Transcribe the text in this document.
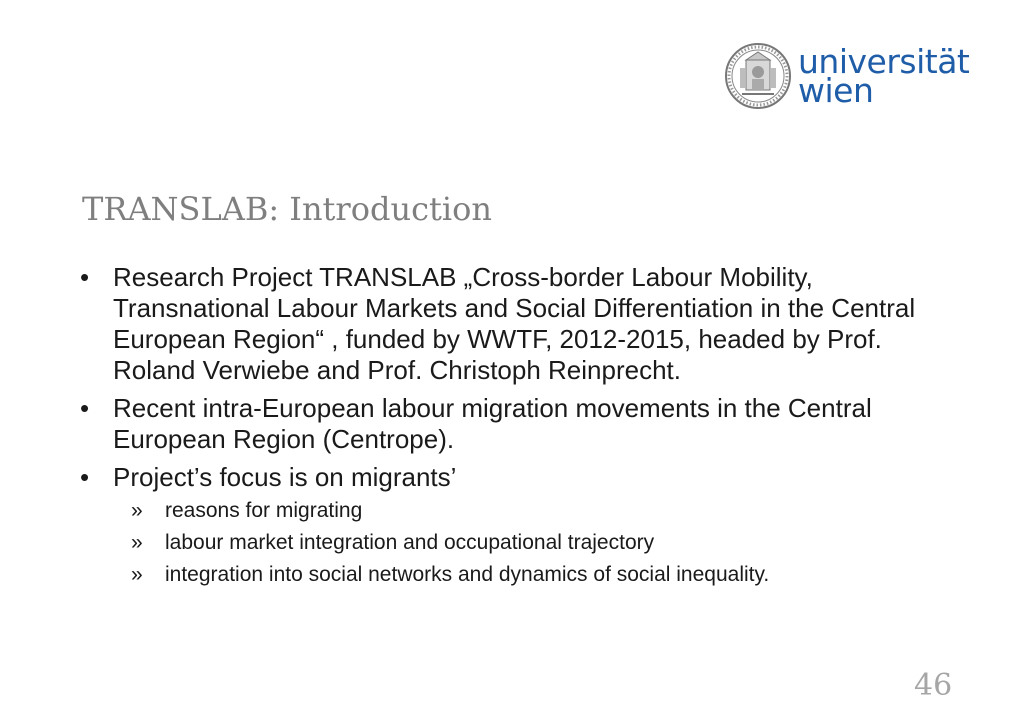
universität
wien
TRANSLAB: Introduction
• Research Project TRANSLAB „Cross-border Labour Mobility, Transnational Labour Markets and Social Differentiation in the Central European Region“ , funded by WWTF, 2012-2015, headed by Prof. Roland Verwiebe and Prof. Christoph Reinprecht.
• Recent intra-European labour migration movements in the Central European Region (Centrope).
• Project’s focus is on migrants’
» reasons for migrating
» labour market integration and occupational trajectory
» integration into social networks and dynamics of social inequality.
46
